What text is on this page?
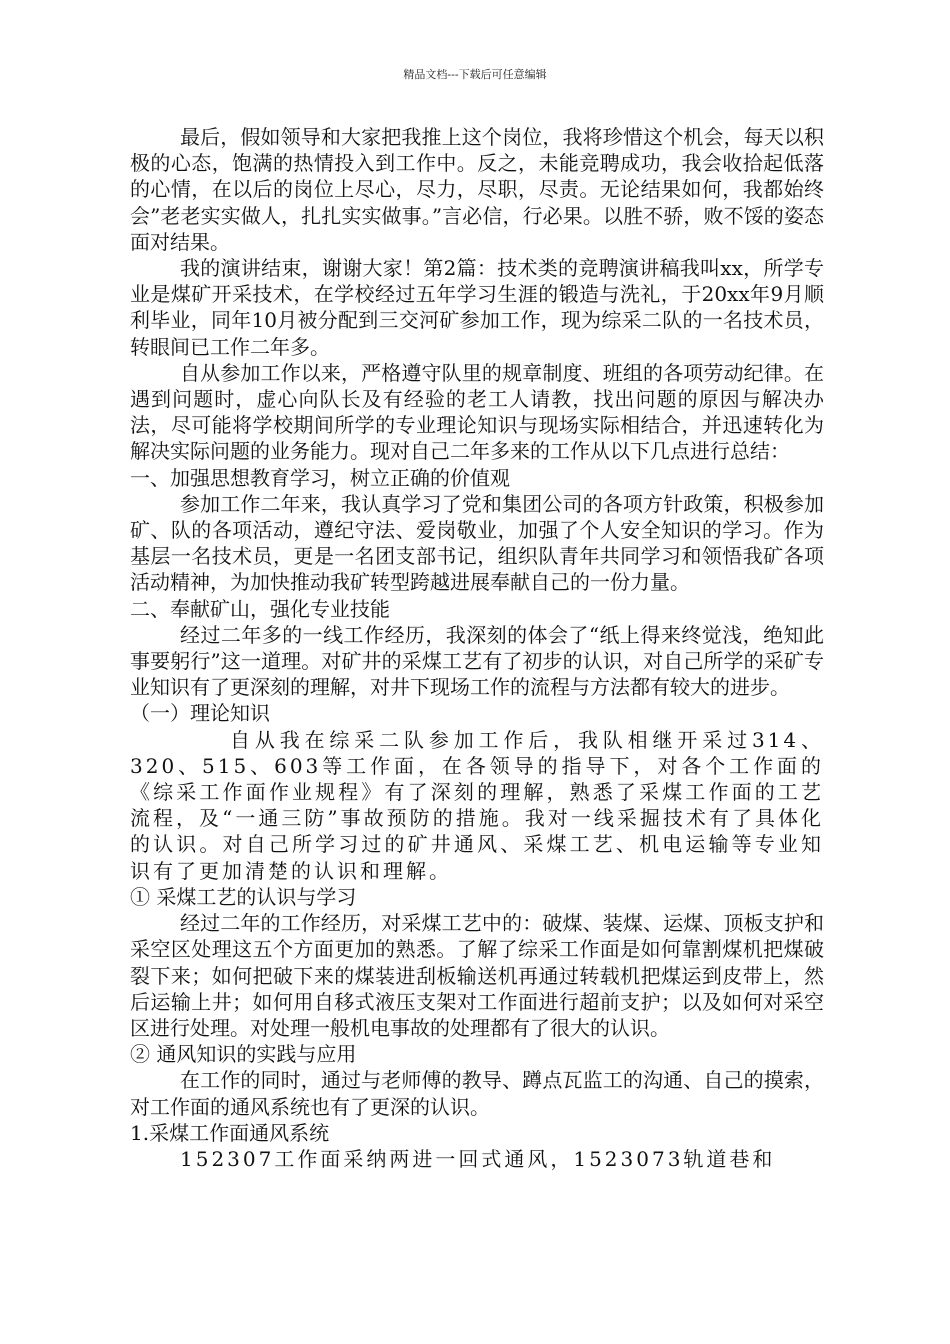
精品文档---下载后可任意编辑

最后，假如领导和大家把我推上这个岗位，我将珍惜这个机会，每天以积极的心态，饱满的热情投入到工作中。反之，未能竞聘成功，我会收拾起低落的心情，在以后的岗位上尽心，尽力，尽职，尽责。无论结果如何，我都始终会”老老实实做人，扎扎实实做事。”言必信，行必果。以胜不骄，败不馁的姿态面对结果。

我的演讲结束，谢谢大家！第2篇：技术类的竞聘演讲稿我叫xx，所学专业是煤矿开采技术，在学校经过五年学习生涯的锻造与洗礼，于20xx年9月顺利毕业，同年10月被分配到三交河矿参加工作，现为综采二队的一名技术员，转眼间已工作二年多。

自从参加工作以来，严格遵守队里的规章制度、班组的各项劳动纪律。在遇到问题时，虚心向队长及有经验的老工人请教，找出问题的原因与解决办法，尽可能将学校期间所学的专业理论知识与现场实际相结合，并迅速转化为解决实际问题的业务能力。现对自己二年多来的工作从以下几点进行总结：

一、加强思想教育学习，树立正确的价值观

参加工作二年来，我认真学习了党和集团公司的各项方针政策，积极参加矿、队的各项活动，遵纪守法、爱岗敬业，加强了个人安全知识的学习。作为基层一名技术员，更是一名团支部书记，组织队青年共同学习和领悟我矿各项活动精神，为加快推动我矿转型跨越进展奉献自己的一份力量。

二、奉献矿山，强化专业技能

经过二年多的一线工作经历，我深刻的体会了“纸上得来终觉浅，绝知此事要躬行”这一道理。对矿井的采煤工艺有了初步的认识，对自己所学的采矿专业知识有了更深刻的理解，对井下现场工作的流程与方法都有较大的进步。

（一）理论知识

自从我在综采二队参加工作后，我队相继开采过314、320、515、603等工作面，在各领导的指导下，对各个工作面的《综采工作面作业规程》有了深刻的理解，熟悉了采煤工作面的工艺流程，及“一通三防”事故预防的措施。我对一线采掘技术有了具体化的认识。对自己所学习过的矿井通风、采煤工艺、机电运输等专业知识有了更加清楚的认识和理解。

① 采煤工艺的认识与学习

经过二年的工作经历，对采煤工艺中的：破煤、装煤、运煤、顶板支护和采空区处理这五个方面更加的熟悉。了解了综采工作面是如何靠割煤机把煤破裂下来；如何把破下来的煤装进刮板输送机再通过转载机把煤运到皮带上，然后运输上井；如何用自移式液压支架对工作面进行超前支护；以及如何对采空区进行处理。对处理一般机电事故的处理都有了很大的认识。

② 通风知识的实践与应用

在工作的同时，通过与老师傅的教导、蹲点瓦监工的沟通、自己的摸索，对工作面的通风系统也有了更深的认识。

1.采煤工作面通风系统

152307工作面采纳两进一回式通风，1523073轨道巷和
